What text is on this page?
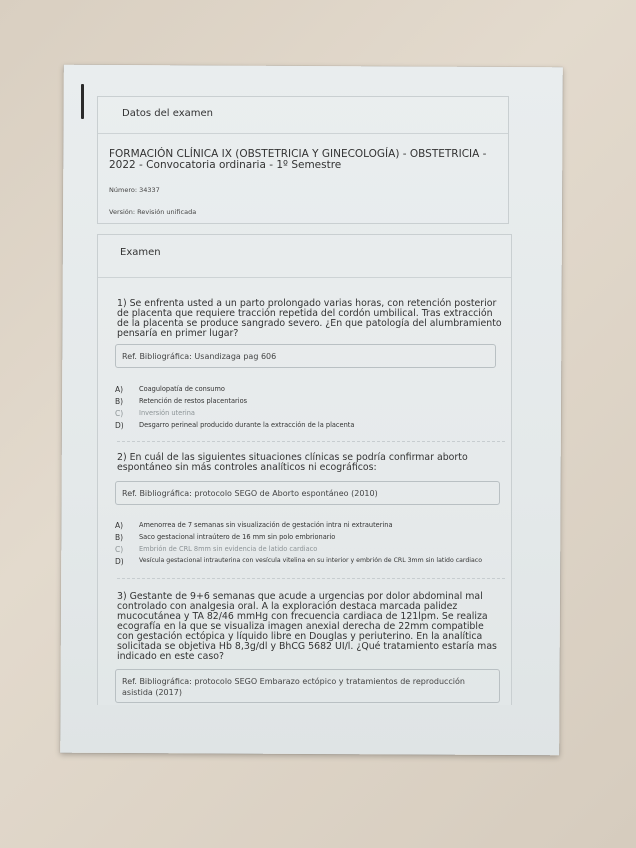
Datos del examen
FORMACIÓN CLÍNICA IX (OBSTETRICIA Y GINECOLOGÍA) - OBSTETRICIA - 2022 - Convocatoria ordinaria - 1º Semestre
Número: 34337
Versión: Revisión unificada
Examen
1) Se enfrenta usted a un parto prolongado varias horas, con retención posterior de placenta que requiere tracción repetida del cordón umbilical. Tras extracción de la placenta se produce sangrado severo. ¿En que patología del alumbramiento pensaría en primer lugar?
Ref. Bibliográfica: Usandizaga pag 606
A)	Coagulopatía de consumo
B)	Retención de restos placentarios
C)	Inversión uterina
D)	Desgarro perineal producido durante la extracción de la placenta
2) En cuál de las siguientes situaciones clínicas se podría confirmar aborto espontáneo sin más controles analíticos ni ecográficos:
Ref. Bibliográfica: protocolo SEGO de Aborto espontáneo (2010)
A)	Amenorrea de 7 semanas sin visualización de gestación intra ni extrauterina
B)	Saco gestacional intraútero de 16 mm sin polo embrionario
C)	Embrión de CRL 8mm sin evidencia de latido cardiaco
D)	Vesícula gestacional intrauterina con vesícula vitelina en su interior y embrión de CRL 3mm sin latido cardiaco
3) Gestante de 9+6 semanas que acude a urgencias por dolor abdominal mal controlado con analgesia oral. A la exploración destaca marcada palidez mucocutánea y TA 82/46 mmHg con frecuencia cardiaca de 121lpm. Se realiza ecografía en la que se visualiza imagen anexial derecha de 22mm compatible con gestación ectópica y líquido libre en Douglas y periuterino. En la analítica solicitada se objetiva Hb 8,3g/dl y BhCG 5682 UI/l. ¿Qué tratamiento estaría mas indicado en este caso?
Ref. Bibliográfica: protocolo SEGO Embarazo ectópico y tratamientos de reproducción asistida (2017)
